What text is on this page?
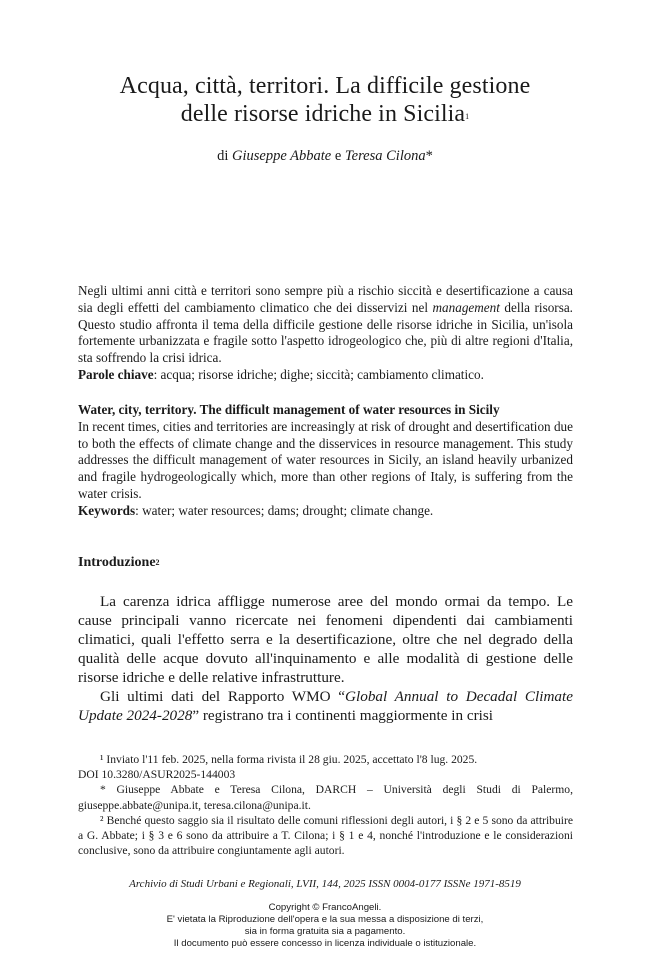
Acqua, città, territori. La difficile gestione
delle risorse idriche in Sicilia$^1$
di Giuseppe Abbate e Teresa Cilona*

Negli ultimi anni città e territori sono sempre più a rischio siccità e desertificazione a causa sia degli effetti del cambiamento climatico che dei disservizi nel management della risorsa. Questo studio affronta il tema della difficile gestione delle risorse idriche in Sicilia, un'isola fortemente urbanizzata e fragile sotto l'aspetto idrogeologico che, più di altre regioni d'Italia, sta soffrendo la crisi idrica.

Parole chiave: acqua; risorse idriche; dighe; siccità; cambiamento climatico.

Water, city, territory. The difficult management of water resources in Sicily

In recent times, cities and territories are increasingly at risk of drought and desertification due to both the effects of climate change and the disservices in resource management. This study addresses the difficult management of water resources in Sicily, an island heavily urbanized and fragile hydrogeologically which, more than other regions of Italy, is suffering from the water crisis.

Keywords: water; water resources; dams; drought; climate change.

Introduzione$^2$

La carenza idrica affligge numerose aree del mondo ormai da tempo. Le cause principali vanno ricercate nei fenomeni dipendenti dai cambiamenti climatici, quali l'effetto serra e la desertificazione, oltre che nel degrado della qualità delle acque dovuto all'inquinamento e alle modalità di gestione delle risorse idriche e delle relative infrastrutture.

Gli ultimi dati del Rapporto WMO “Global Annual to Decadal Climate Update 2024-2028” registrano tra i continenti maggiormente in crisi

¹ Inviato l'11 feb. 2025, nella forma rivista il 28 giu. 2025, accettato l'8 lug. 2025.

DOI 10.3280/ASUR2025-144003

* Giuseppe Abbate e Teresa Cilona, DARCH – Università degli Studi di Palermo, giuseppe.abbate@unipa.it, teresa.cilona@unipa.it.

² Benché questo saggio sia il risultato delle comuni riflessioni degli autori, i § 2 e 5 sono da attribuire a G. Abbate; i § 3 e 6 sono da attribuire a T. Cilona; i § 1 e 4, nonché l'introduzione e le considerazioni conclusive, sono da attribuire congiuntamente agli autori.

Archivio di Studi Urbani e Regionali, LVII, 144, 2025 ISSN 0004-0177 ISSNe 1971-8519

Copyright © FrancoAngeli.

E' vietata la Riproduzione dell'opera e la sua messa a disposizione di terzi,

sia in forma gratuita sia a pagamento.

Il documento può essere concesso in licenza individuale o istituzionale.
